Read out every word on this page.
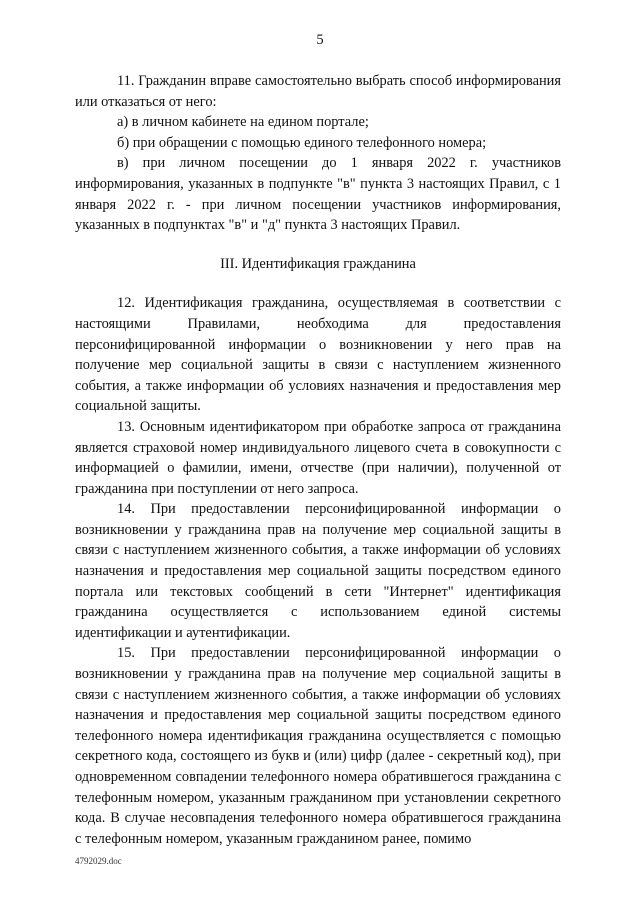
5

11. Гражданин вправе самостоятельно выбрать способ информирования или отказаться от него:

а) в личном кабинете на едином портале;

б) при обращении с помощью единого телефонного номера;

в) при личном посещении до 1 января 2022 г. участников информирования, указанных в подпункте "в" пункта 3 настоящих Правил, с 1 января 2022 г. - при личном посещении участников информирования, указанных в подпунктах "в" и "д" пункта 3 настоящих Правил.

III. Идентификация гражданина

12. Идентификация гражданина, осуществляемая в соответствии с настоящими Правилами, необходима для предоставления персонифицированной информации о возникновении у него прав на получение мер социальной защиты в связи с наступлением жизненного события, а также информации об условиях назначения и предоставления мер социальной защиты.

13. Основным идентификатором при обработке запроса от гражданина является страховой номер индивидуального лицевого счета в совокупности с информацией о фамилии, имени, отчестве (при наличии), полученной от гражданина при поступлении от него запроса.

14. При предоставлении персонифицированной информации о возникновении у гражданина прав на получение мер социальной защиты в связи с наступлением жизненного события, а также информации об условиях назначения и предоставления мер социальной защиты посредством единого портала или текстовых сообщений в сети "Интернет" идентификация гражданина осуществляется с использованием единой системы идентификации и аутентификации.

15. При предоставлении персонифицированной информации о возникновении у гражданина прав на получение мер социальной защиты в связи с наступлением жизненного события, а также информации об условиях назначения и предоставления мер социальной защиты посредством единого телефонного номера идентификация гражданина осуществляется с помощью секретного кода, состоящего из букв и (или) цифр (далее - секретный код), при одновременном совпадении телефонного номера обратившегося гражданина с телефонным номером, указанным гражданином при установлении секретного кода. В случае несовпадения телефонного номера обратившегося гражданина с телефонным номером, указанным гражданином ранее, помимо

4792029.doc
